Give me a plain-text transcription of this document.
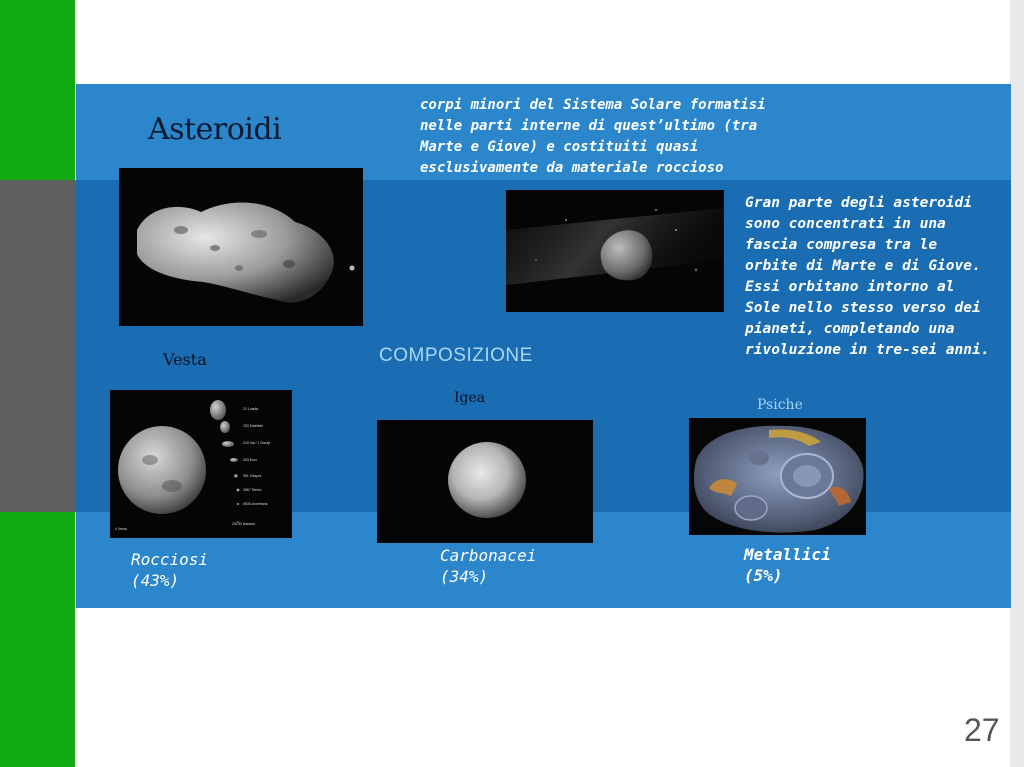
Asteroidi

corpi minori del Sistema Solare formatisi nelle parti interne di quest’ultimo (tra Marte e Giove) e costituiti quasi esclusivamente da materiale roccioso

Gran parte degli asteroidi sono concentrati in una fascia compresa tra le orbite di Marte e di Giove. Essi orbitano intorno al Sole nello stesso verso dei pianeti, completando una rivoluzione in tre-sei anni.

21 Lutetia
253 Mathilde
243 Ida / 1 Dactyl
433 Eros
951 Gaspra
2867 Šteins
5535 Annefrank
4 Vesta
25143 Itokawa
Vesta	COMPOSIZIONE
Igea	Psiche
Rocciosi
(43%)
Carbonacei
(34%)
Metallici
(5%)
27
